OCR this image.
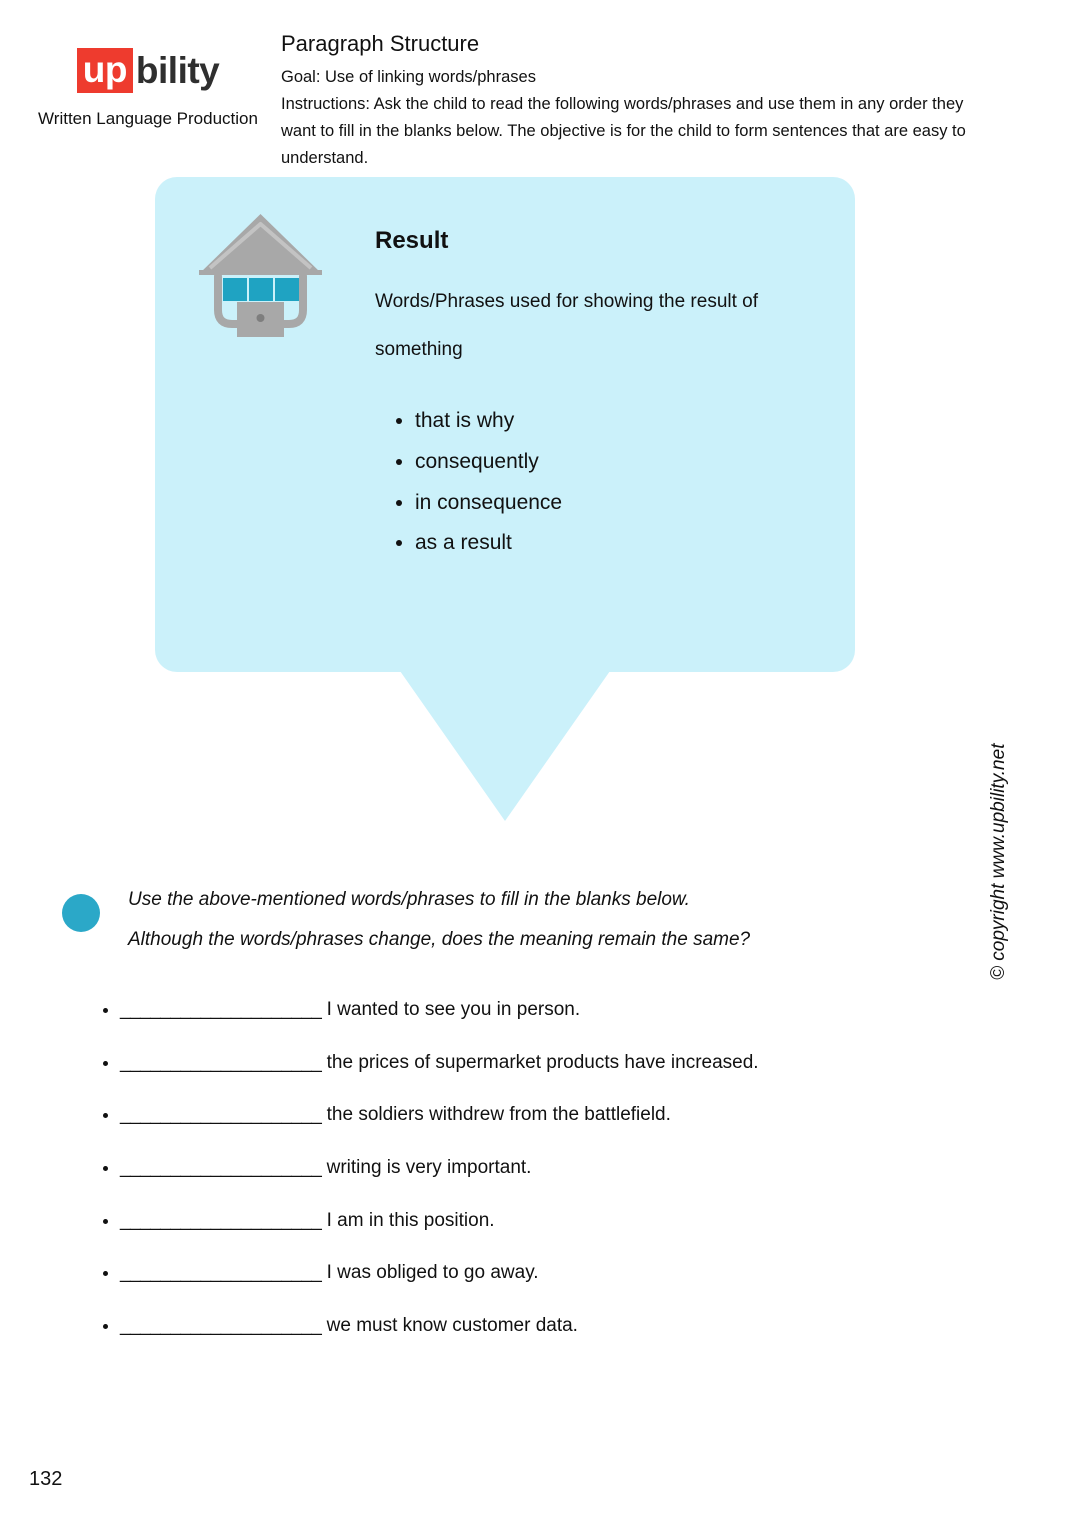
up bility
Written Language Production
Paragraph Structure
Goal: Use of linking words/phrases
Instructions: Ask the child to read the following words/phrases and use them in any order they want to fill in the blanks below. The objective is for the child to form sentences that are easy to understand.
Result

Words/Phrases used for showing the result of

something

• that is why
• consequently
• in consequence
• as a result
© copyright www.upbility.net
Use the above-mentioned words/phrases to fill in the blanks below.
Although the words/phrases change, does the meaning remain the same?
• ____________________ I wanted to see you in person.
• ____________________ the prices of supermarket products have increased.
• ____________________ the soldiers withdrew from the battlefield.
• ____________________ writing is very important.
• ____________________ I am in this position.
• ____________________ I was obliged to go away.
• ____________________ we must know customer data.
132
